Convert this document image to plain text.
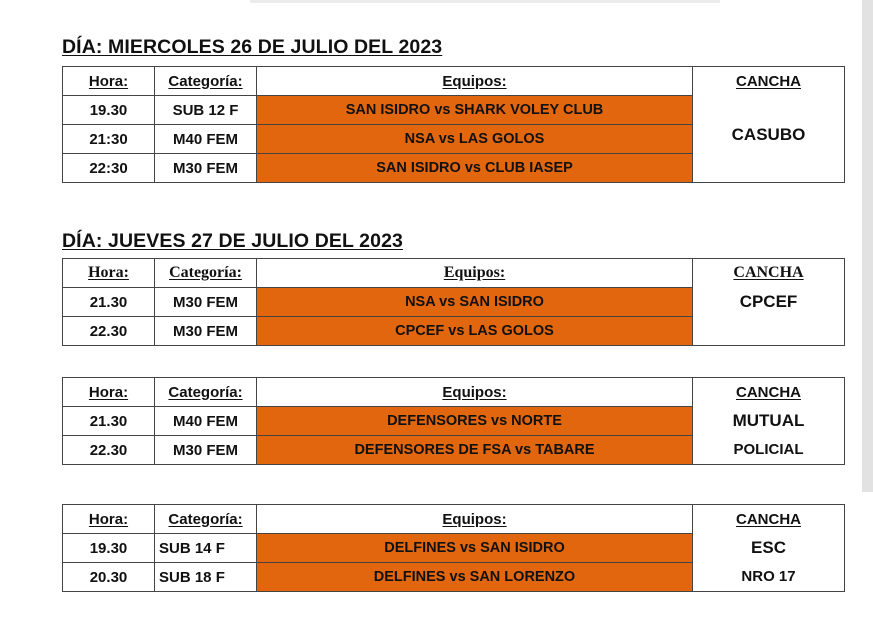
DÍA: MIERCOLES 26 DE JULIO DEL 2023
Hora:	Categoría:	Equipos:	CANCHA
19.30	SUB 12 F	SAN ISIDRO vs SHARK VOLEY CLUB	CASUBO
21:30	M40 FEM	NSA vs LAS GOLOS	
22:30	M30 FEM	SAN ISIDRO vs CLUB IASEP	
DÍA: JUEVES 27 DE JULIO DEL 2023
Hora:	Categoría:	Equipos:	CANCHA
21.30	M30 FEM	NSA vs SAN ISIDRO	CPCEF
22.30	M30 FEM	CPCEF vs LAS GOLOS	
Hora:	Categoría:	Equipos:	CANCHA
21.30	M40 FEM	DEFENSORES vs NORTE	MUTUAL
22.30	M30 FEM	DEFENSORES DE FSA vs TABARE	POLICIAL
Hora:	Categoría:	Equipos:	CANCHA
19.30	SUB 14 F	DELFINES vs SAN ISIDRO	ESC
20.30	SUB 18 F	DELFINES vs SAN LORENZO	NRO 17
